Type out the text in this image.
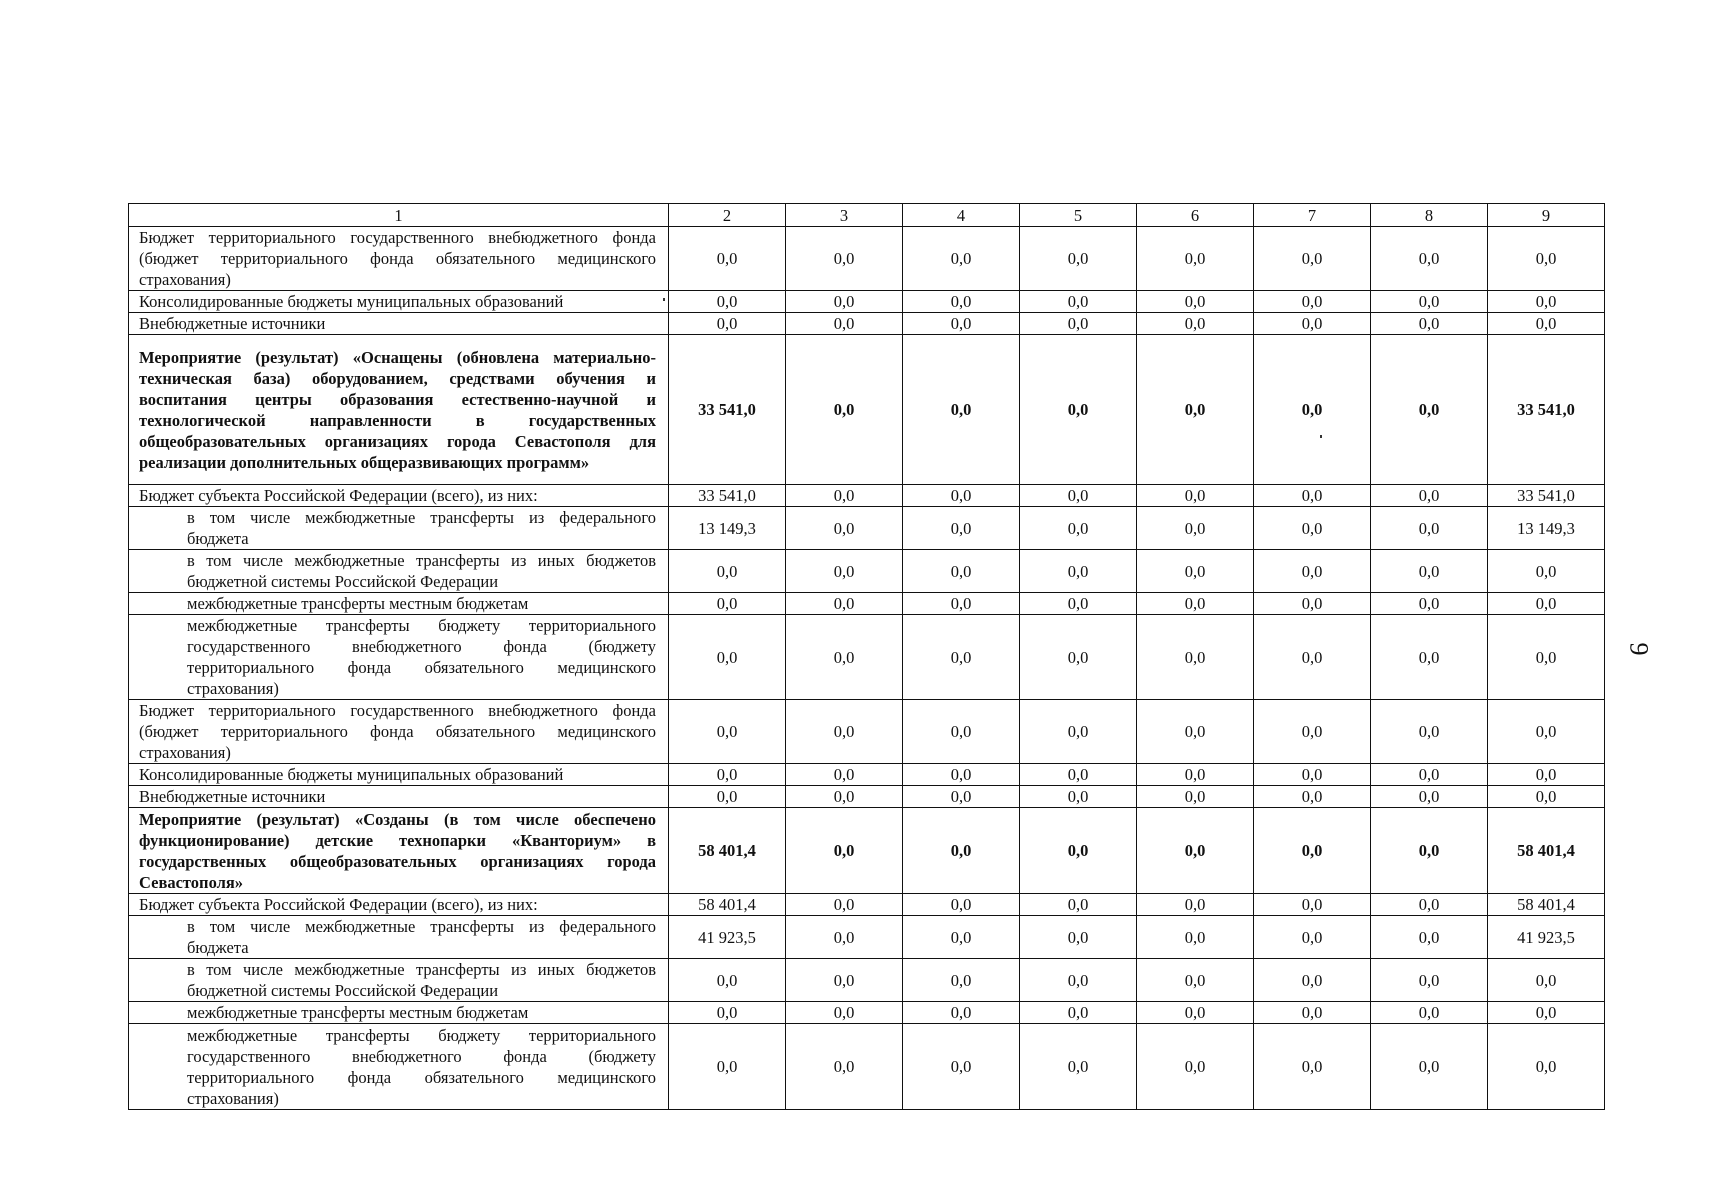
1	2	3	4	5	6	7	8	9
Бюджет территориального государственного внебюджетного фонда (бюджет территориального фонда обязательного медицинского страхования)	0,0	0,0	0,0	0,0	0,0	0,0	0,0	0,0
Консолидированные бюджеты муниципальных образований	0,0	0,0	0,0	0,0	0,0	0,0	0,0	0,0
Внебюджетные источники	0,0	0,0	0,0	0,0	0,0	0,0	0,0	0,0
Мероприятие (результат) «Оснащены (обновлена материально-техническая база) оборудованием, средствами обучения и воспитания центры образования естественно-научной и технологической направленности в государственных общеобразовательных организациях города Севастополя для реализации дополнительных общеразвивающих программ»	33 541,0	0,0	0,0	0,0	0,0	0,0	0,0	33 541,0
Бюджет субъекта Российской Федерации (всего), из них:	33 541,0	0,0	0,0	0,0	0,0	0,0	0,0	33 541,0
в том числе межбюджетные трансферты из федерального бюджета	13 149,3	0,0	0,0	0,0	0,0	0,0	0,0	13 149,3
в том числе межбюджетные трансферты из иных бюджетов бюджетной системы Российской Федерации	0,0	0,0	0,0	0,0	0,0	0,0	0,0	0,0
межбюджетные трансферты местным бюджетам	0,0	0,0	0,0	0,0	0,0	0,0	0,0	0,0
межбюджетные трансферты бюджету территориального государственного внебюджетного фонда (бюджету территориального фонда обязательного медицинского страхования)	0,0	0,0	0,0	0,0	0,0	0,0	0,0	0,0
Бюджет территориального государственного внебюджетного фонда (бюджет территориального фонда обязательного медицинского страхования)	0,0	0,0	0,0	0,0	0,0	0,0	0,0	0,0
Консолидированные бюджеты муниципальных образований	0,0	0,0	0,0	0,0	0,0	0,0	0,0	0,0
Внебюджетные источники	0,0	0,0	0,0	0,0	0,0	0,0	0,0	0,0
Мероприятие (результат) «Созданы (в том числе обеспечено функционирование) детские технопарки «Кванториум» в государственных общеобразовательных организациях города Севастополя»	58 401,4	0,0	0,0	0,0	0,0	0,0	0,0	58 401,4
Бюджет субъекта Российской Федерации (всего), из них:	58 401,4	0,0	0,0	0,0	0,0	0,0	0,0	58 401,4
в том числе межбюджетные трансферты из федерального бюджета	41 923,5	0,0	0,0	0,0	0,0	0,0	0,0	41 923,5
в том числе межбюджетные трансферты из иных бюджетов бюджетной системы Российской Федерации	0,0	0,0	0,0	0,0	0,0	0,0	0,0	0,0
межбюджетные трансферты местным бюджетам	0,0	0,0	0,0	0,0	0,0	0,0	0,0	0,0
межбюджетные трансферты бюджету территориального государственного внебюджетного фонда (бюджету территориального фонда обязательного медицинского страхования)	0,0	0,0	0,0	0,0	0,0	0,0	0,0	0,0
9
